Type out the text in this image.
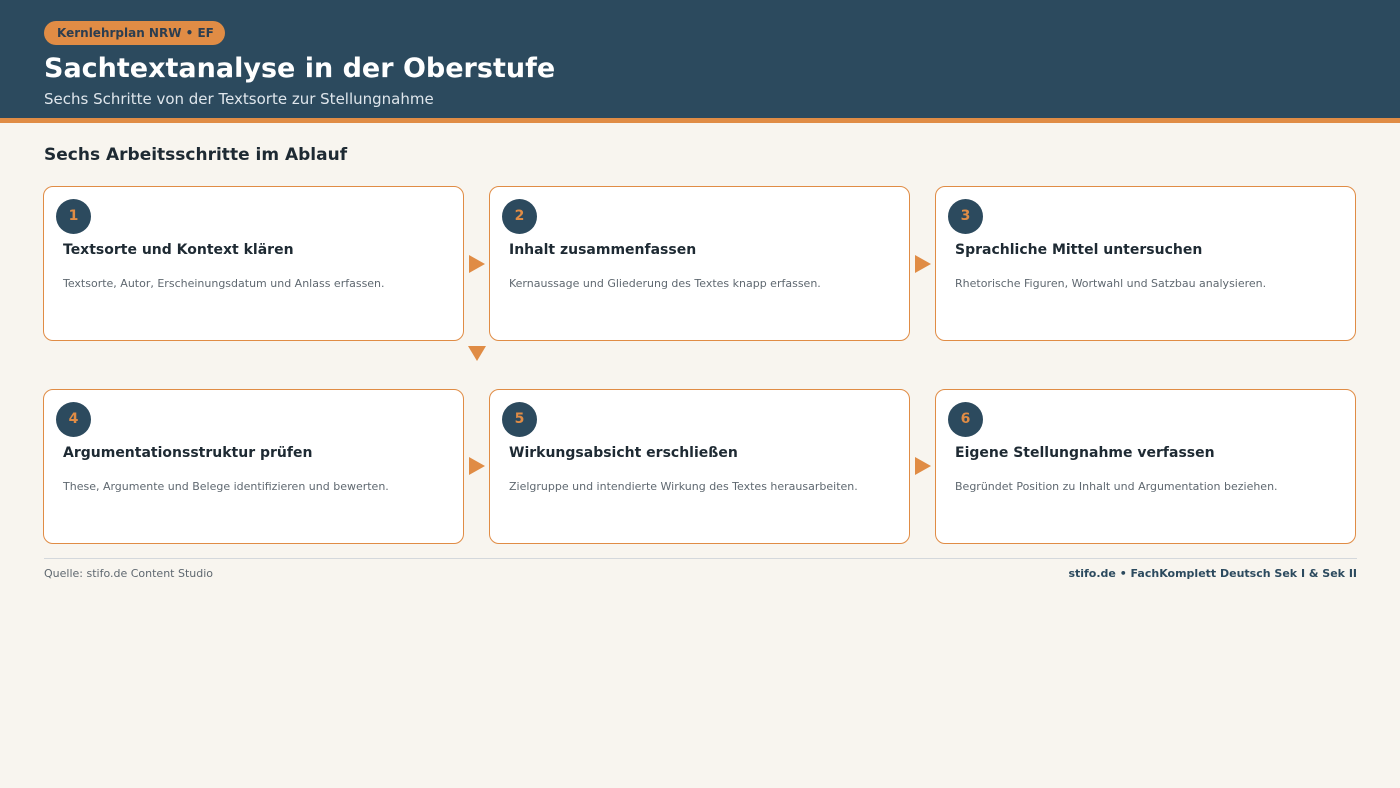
Kernlehrplan NRW • EF
Sachtextanalyse in der Oberstufe
Sechs Schritte von der Textsorte zur Stellungnahme
Sechs Arbeitsschritte im Ablauf
1
Textsorte und Kontext klären
Textsorte, Autor, Erscheinungsdatum und Anlass erfassen.
2
Inhalt zusammenfassen
Kernaussage und Gliederung des Textes knapp erfassen.
3
Sprachliche Mittel untersuchen
Rhetorische Figuren, Wortwahl und Satzbau analysieren.
4
Argumentationsstruktur prüfen
These, Argumente und Belege identifizieren und bewerten.
5
Wirkungsabsicht erschließen
Zielgruppe und intendierte Wirkung des Textes herausarbeiten.
6
Eigene Stellungnahme verfassen
Begründet Position zu Inhalt und Argumentation beziehen.
Quelle: stifo.de Content Studio	stifo.de • FachKomplett Deutsch Sek I & Sek II
